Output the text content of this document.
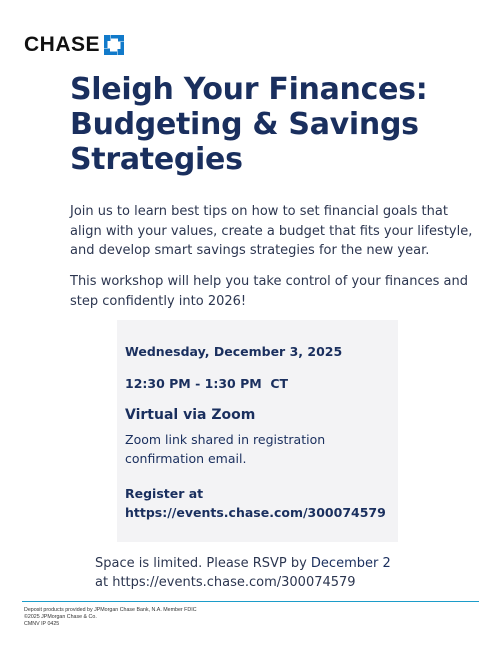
CHASE
Sleigh Your Finances: Budgeting & Savings Strategies

Join us to learn best tips on how to set financial goals that align with your values, create a budget that fits your lifestyle, and develop smart savings strategies for the new year.

This workshop will help you take control of your finances and step confidently into 2026!

Wednesday, December 3, 2025

12:30 PM - 1:30 PM  CT

Virtual via Zoom

Zoom link shared in registration confirmation email.

Register at
https://events.chase.com/300074579

Space is limited. Please RSVP by December 2
at https://events.chase.com/300074579

Deposit products provided by JPMorgan Chase Bank, N.A. Member FDIC
©2025 JPMorgan Chase & Co.
CMNV IP 0425
